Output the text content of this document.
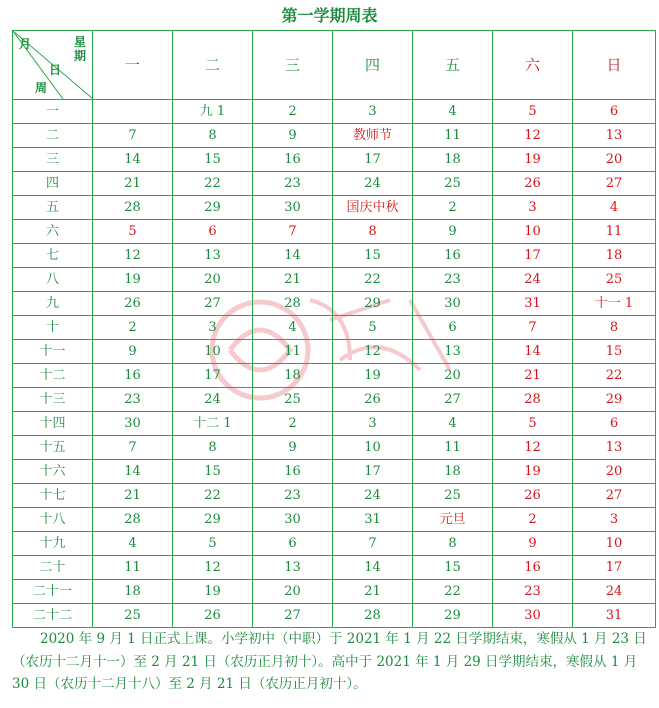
第一学期周表
月 星
期
日
周	一	二	三	四	五	六	日
一		九 1	2	3	4	5	6
二	7	8	9	教师节	11	12	13
三	14	15	16	17	18	19	20
四	21	22	23	24	25	26	27
五	28	29	30	国庆中秋	2	3	4
六	5	6	7	8	9	10	11
七	12	13	14	15	16	17	18
八	19	20	21	22	23	24	25
九	26	27	28	29	30	31	十一 1
十	2	3	4	5	6	7	8
十一	9	10	11	12	13	14	15
十二	16	17	18	19	20	21	22
十三	23	24	25	26	27	28	29
十四	30	十二 1	2	3	4	5	6
十五	7	8	9	10	11	12	13
十六	14	15	16	17	18	19	20
十七	21	22	23	24	25	26	27
十八	28	29	30	31	元旦	2	3
十九	4	5	6	7	8	9	10
二十	11	12	13	14	15	16	17
二十一	18	19	20	21	22	23	24
二十二	25	26	27	28	29	30	31
2020 年 9 月 1 日正式上课。小学初中（中职）于 2021 年 1 月 22 日学期结束，寒假从 1 月 23 日（农历十二月十一）至 2 月 21 日（农历正月初十）。高中于 2021 年 1 月 29 日学期结束，寒假从 1 月 30 日（农历十二月十八）至 2 月 21 日（农历正月初十）。
